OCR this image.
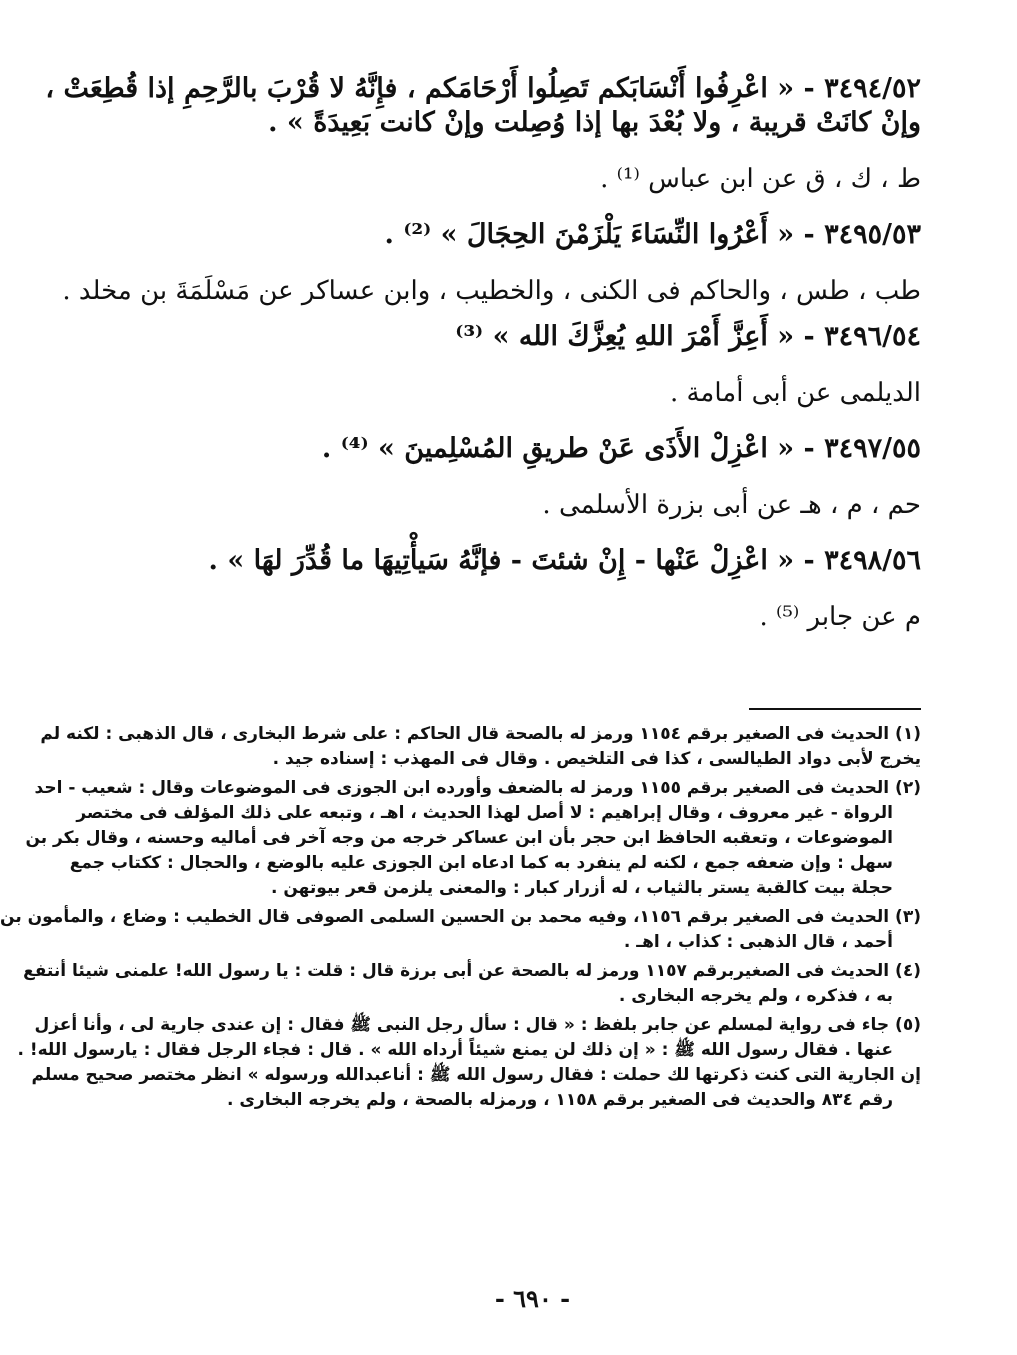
٣٤٩٤/٥٢ - « اعْرِفُوا أَنْسَابَكم تَصِلُوا أَرْحَامَكم ، فإِنَّهُ لا قُرْبَ بالرَّحِمِ إذا قُطِعَتْ ،

وإنْ كانَتْ قريبة ، ولا بُعْدَ بها إذا وُصِلت وإنْ كانت بَعِيدَةً » .

ط ، ك ، ق عن ابن عباس ⁽¹⁾ .

٣٤٩٥/٥٣ - « أَعْرُوا النِّسَاءَ يَلْزَمْنَ الحِجَالَ » ⁽²⁾ .

طب ، طس ، والحاكم فى الكنى ، والخطيب ، وابن عساكر عن مَسْلَمَةَ بن مخلد .

٣٤٩٦/٥٤ - « أَعِزَّ أَمْرَ اللهِ يُعِزَّكَ الله » ⁽³⁾

الديلمى عن أبى أمامة .

٣٤٩٧/٥٥ - « اعْزِلْ الأَذَى عَنْ طريقِ المُسْلِمينَ » ⁽⁴⁾ .

حم ، م ، هـ عن أبى بزرة الأسلمى .

٣٤٩٨/٥٦ - « اعْزِلْ عَنْها - إِنْ شئتَ - فإنَّهُ سَيأْتِيهَا ما قُدِّرَ لهَا » .

م عن جابر ⁽⁵⁾ .

(١) الحديث فى الصغير برقم ١١٥٤ ورمز له بالصحة قال الحاكم : على شرط البخارى ، قال الذهبى : لكنه لم
يخرج لأبى دواد الطيالسى ، كذا فى التلخيص . وقال فى المهذب : إسناده جيد .
(٢) الحديث فى الصغير برقم ١١٥٥ ورمز له بالضعف وأورده ابن الجوزى فى الموضوعات وقال : شعيب - احد
الرواة - غير معروف ، وقال إبراهيم : لا أصل لهذا الحديث ، اهـ ، وتبعه على ذلك المؤلف فى مختصر
الموضوعات ، وتعقبه الحافظ ابن حجر بأن ابن عساكر خرجه من وجه آخر فى أماليه وحسنه ، وقال بكر بن
سهل : وإن ضعفه جمع ، لكنه لم ينفرد به كما ادعاه ابن الجوزى عليه بالوضع ، والحجال : ككتاب جمع
حجلة بيت كالقبة يستر بالثياب ، له أزرار كبار : والمعنى يلزمن قعر بيوتهن .
(٣) الحديث فى الصغير برقم ١١٥٦، وفيه محمد بن الحسين السلمى الصوفى قال الخطيب : وضاع ، والمأمون بن
أحمد ، قال الذهبى : كذاب ، اهـ .
(٤) الحديث فى الصغيربرقم ١١٥٧ ورمز له بالصحة عن أبى برزة قال : قلت : يا رسول الله! علمنى شيئا أنتفع
به ، فذكره ، ولم يخرجه البخارى .
(٥) جاء فى رواية لمسلم عن جابر بلفظ : « قال : سأل رجل النبى ﷺ فقال : إن عندى جارية لى ، وأنا أعزل
عنها . فقال رسول الله ﷺ : « إن ذلك لن يمنع شيئاً أرداه الله » . قال : فجاء الرجل فقال : يارسول الله! .
إن الجارية التى كنت ذكرتها لك حملت : فقال رسول الله ﷺ : أناعبدالله ورسوله » انظر مختصر صحيح مسلم
رقم ٨٣٤ والحديث فى الصغير برقم ١١٥٨ ، ورمزله بالصحة ، ولم يخرجه البخارى .
- ٦٩٠ -
